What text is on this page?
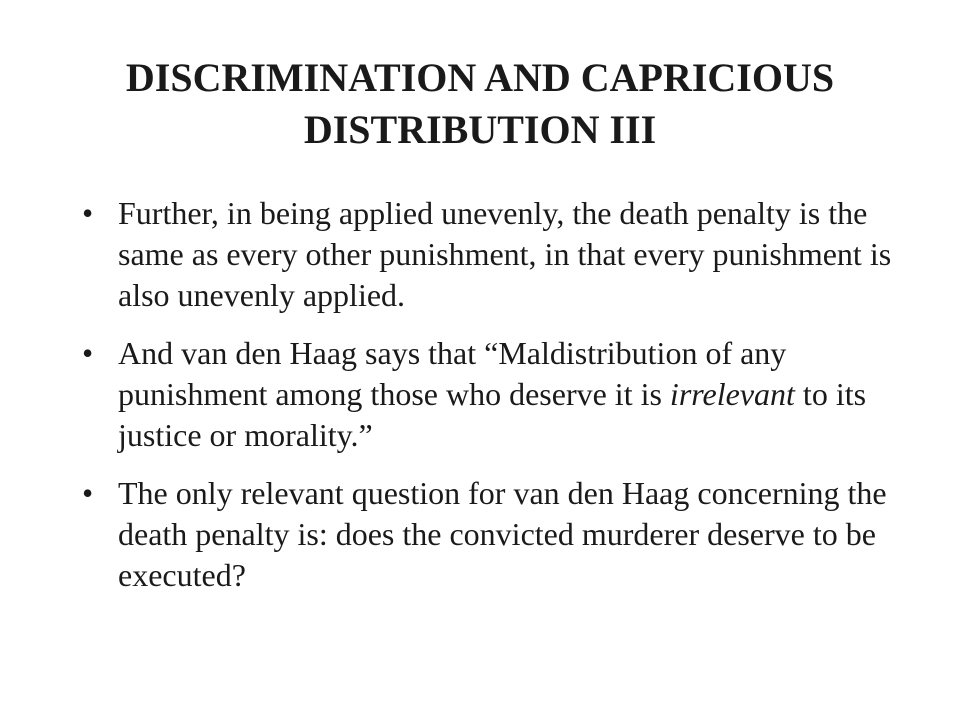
DISCRIMINATION AND CAPRICIOUS
DISTRIBUTION III
• Further, in being applied unevenly, the death penalty is the same as every other punishment, in that every punishment is also unevenly applied.
• And van den Haag says that “Maldistribution of any punishment among those who deserve it is irrelevant to its justice or morality.”
• The only relevant question for van den Haag concerning the death penalty is: does the convicted murderer deserve to be executed?
